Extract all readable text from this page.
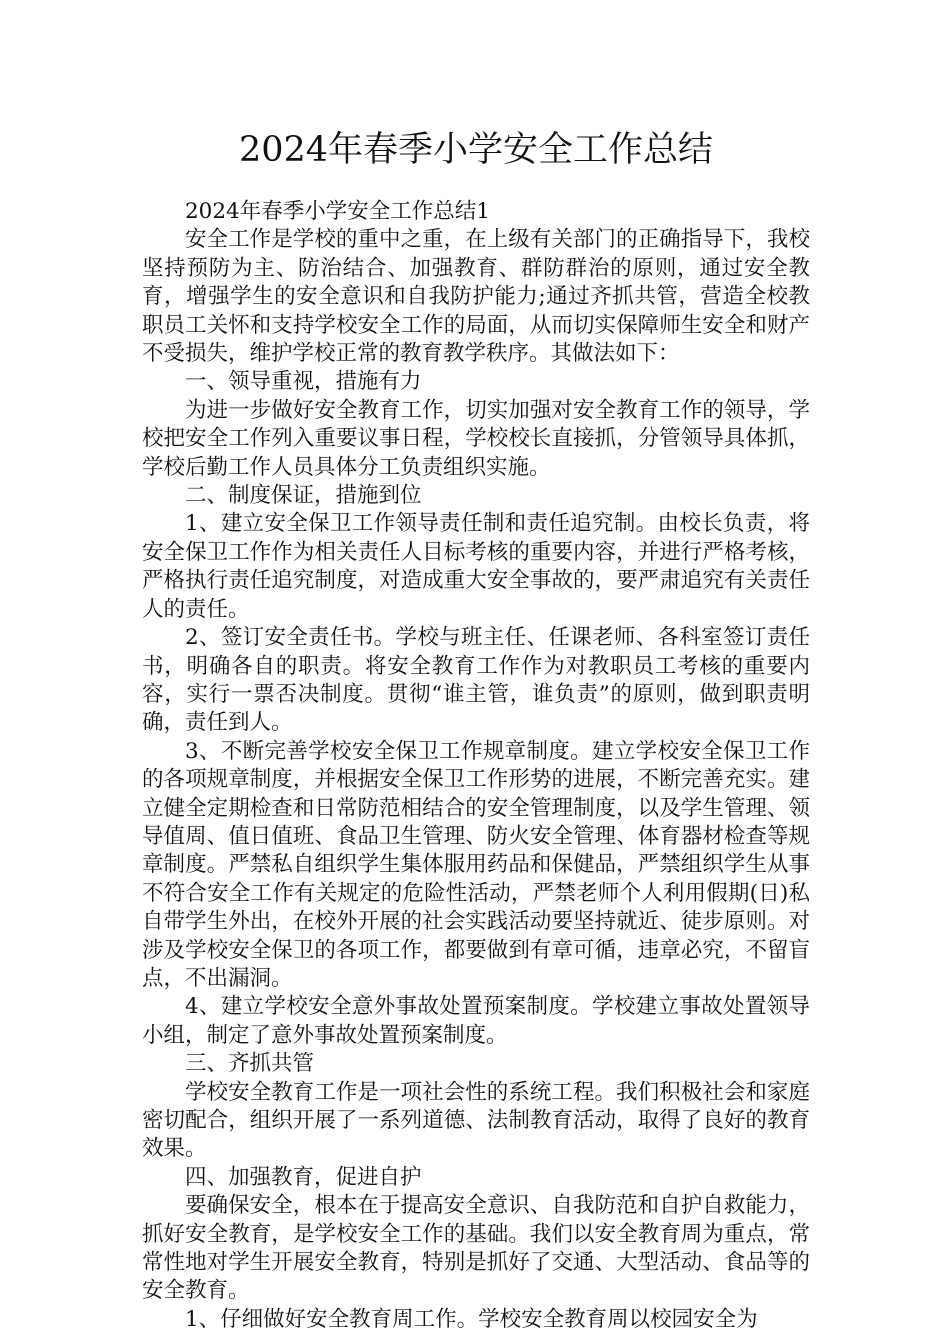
2024年春季小学安全工作总结

2024年春季小学安全工作总结1

安全工作是学校的重中之重，在上级有关部门的正确指导下，我校坚持预防为主、防治结合、加强教育、群防群治的原则，通过安全教育，增强学生的安全意识和自我防护能力;通过齐抓共管，营造全校教职员工关怀和支持学校安全工作的局面，从而切实保障师生安全和财产不受损失，维护学校正常的教育教学秩序。其做法如下：

一、领导重视，措施有力

为进一步做好安全教育工作，切实加强对安全教育工作的领导，学校把安全工作列入重要议事日程，学校校长直接抓，分管领导具体抓，学校后勤工作人员具体分工负责组织实施。

二、制度保证，措施到位

1、建立安全保卫工作领导责任制和责任追究制。由校长负责，将安全保卫工作作为相关责任人目标考核的重要内容，并进行严格考核，严格执行责任追究制度，对造成重大安全事故的，要严肃追究有关责任人的责任。

2、签订安全责任书。学校与班主任、任课老师、各科室签订责任书，明确各自的职责。将安全教育工作作为对教职员工考核的重要内容，实行一票否决制度。贯彻“谁主管，谁负责”的原则，做到职责明确，责任到人。

3、不断完善学校安全保卫工作规章制度。建立学校安全保卫工作的各项规章制度，并根据安全保卫工作形势的进展，不断完善充实。建立健全定期检查和日常防范相结合的安全管理制度，以及学生管理、领导值周、值日值班、食品卫生管理、防火安全管理、体育器材检查等规章制度。严禁私自组织学生集体服用药品和保健品，严禁组织学生从事不符合安全工作有关规定的危险性活动，严禁老师个人利用假期(日)私自带学生外出，在校外开展的社会实践活动要坚持就近、徒步原则。对涉及学校安全保卫的各项工作，都要做到有章可循，违章必究，不留盲点，不出漏洞。

4、建立学校安全意外事故处置预案制度。学校建立事故处置领导小组，制定了意外事故处置预案制度。

三、齐抓共管

学校安全教育工作是一项社会性的系统工程。我们积极社会和家庭密切配合，组织开展了一系列道德、法制教育活动，取得了良好的教育效果。

四、加强教育，促进自护

要确保安全，根本在于提高安全意识、自我防范和自护自救能力，抓好安全教育，是学校安全工作的基础。我们以安全教育周为重点，常常性地对学生开展安全教育，特别是抓好了交通、大型活动、食品等的安全教育。

1、仔细做好安全教育周工作。学校安全教育周以校园安全为
